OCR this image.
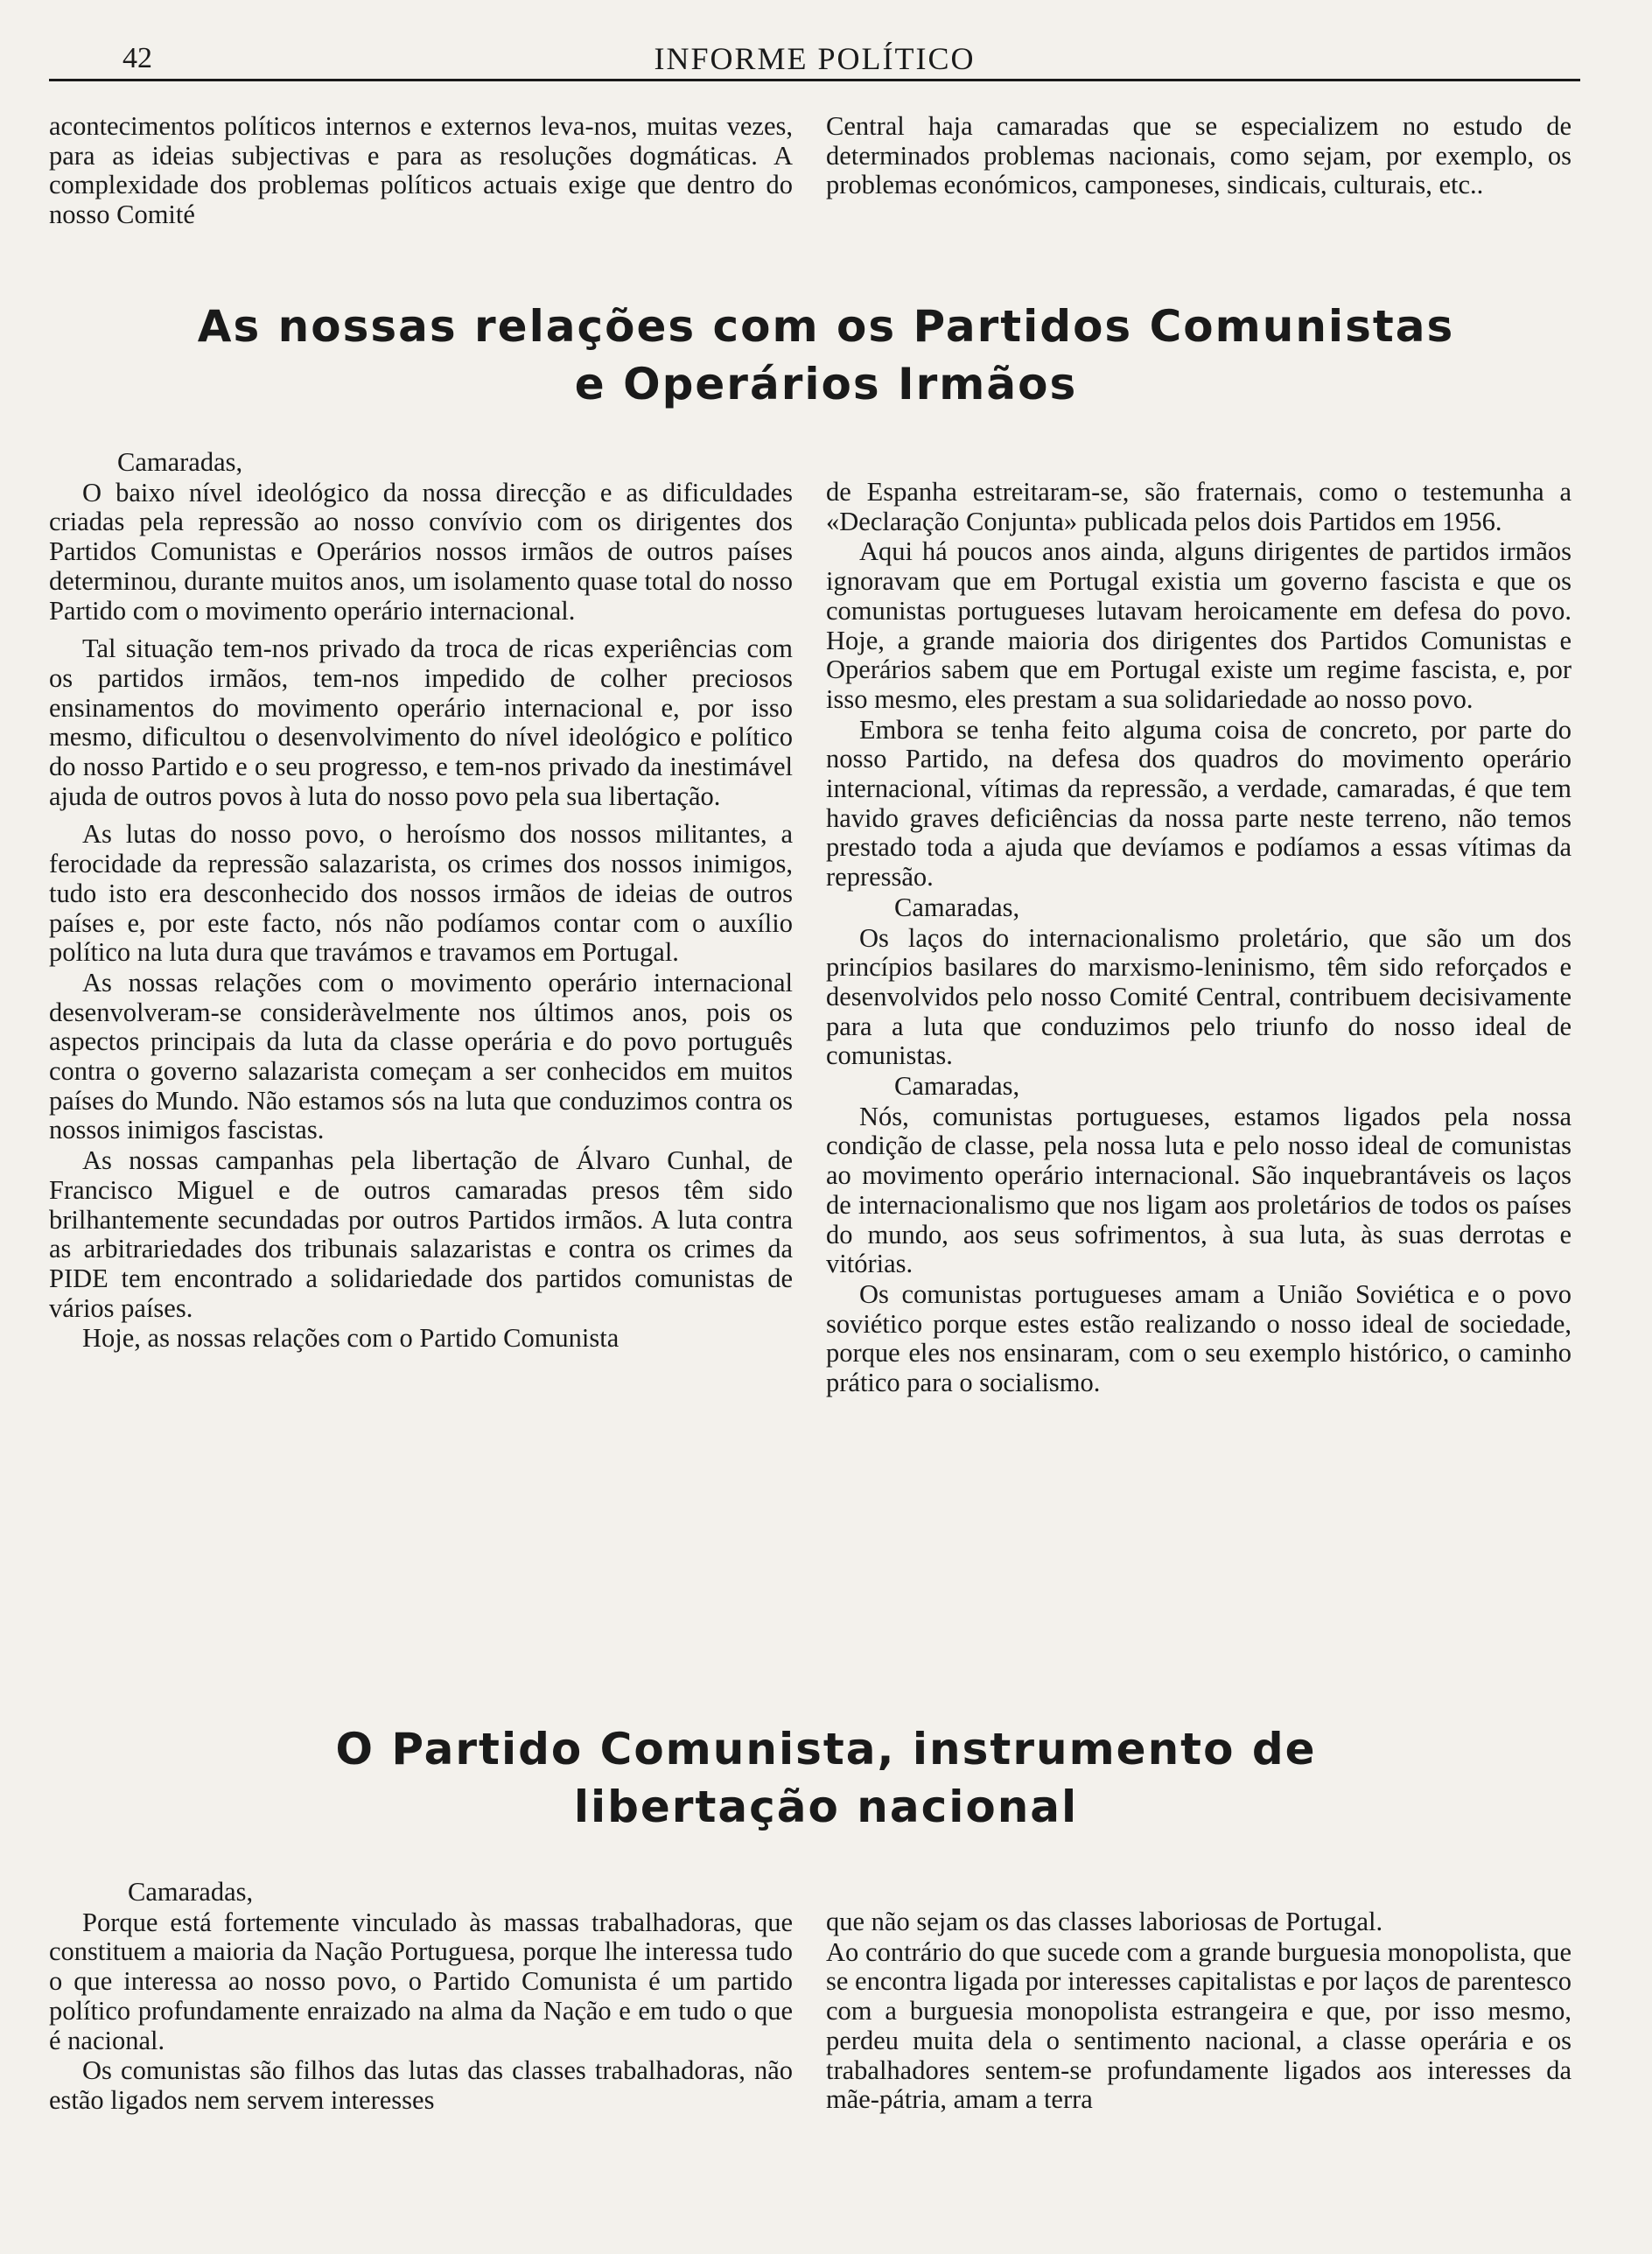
42	INFORME POLÍTICO

acontecimentos políticos internos e externos leva-nos, muitas vezes, para as ideias subjectivas e para as resoluções dogmáticas. A complexidade dos problemas políticos actuais exige que dentro do nosso Comité

Central haja camaradas que se especializem no estudo de determinados problemas nacionais, como sejam, por exemplo, os problemas económicos, camponeses, sindicais, culturais, etc..

As nossas relações com os Partidos Comunistas
e Operários Irmãos

Camaradas,

O baixo nível ideológico da nossa direcção e as dificuldades criadas pela repressão ao nosso convívio com os dirigentes dos Partidos Comunistas e Operários nossos irmãos de outros países determinou, durante muitos anos, um isolamento quase total do nosso Partido com o movimento operário internacional.

Tal situação tem-nos privado da troca de ricas experiências com os partidos irmãos, tem-nos impedido de colher preciosos ensinamentos do movimento operário internacional e, por isso mesmo, dificultou o desenvolvimento do nível ideológico e político do nosso Partido e o seu progresso, e tem-nos privado da inestimável ajuda de outros povos à luta do nosso povo pela sua libertação.

As lutas do nosso povo, o heroísmo dos nossos militantes, a ferocidade da repressão salazarista, os crimes dos nossos inimigos, tudo isto era desconhecido dos nossos irmãos de ideias de outros países e, por este facto, nós não podíamos contar com o auxílio político na luta dura que travámos e travamos em Portugal.

As nossas relações com o movimento operário internacional desenvolveram-se consideràvelmente nos últimos anos, pois os aspectos principais da luta da classe operária e do povo português contra o governo salazarista começam a ser conhecidos em muitos países do Mundo. Não estamos sós na luta que conduzimos contra os nossos inimigos fascistas.

As nossas campanhas pela libertação de Álvaro Cunhal, de Francisco Miguel e de outros camaradas presos têm sido brilhantemente secundadas por outros Partidos irmãos. A luta contra as arbitrariedades dos tribunais salazaristas e contra os crimes da PIDE tem encontrado a solidariedade dos partidos comunistas de vários países.

Hoje, as nossas relações com o Partido Comunista

de Espanha estreitaram-se, são fraternais, como o testemunha a «Declaração Conjunta» publicada pelos dois Partidos em 1956.

Aqui há poucos anos ainda, alguns dirigentes de partidos irmãos ignoravam que em Portugal existia um governo fascista e que os comunistas portugueses lutavam heroicamente em defesa do povo. Hoje, a grande maioria dos dirigentes dos Partidos Comunistas e Operários sabem que em Portugal existe um regime fascista, e, por isso mesmo, eles prestam a sua solidariedade ao nosso povo.

Embora se tenha feito alguma coisa de concreto, por parte do nosso Partido, na defesa dos quadros do movimento operário internacional, vítimas da repressão, a verdade, camaradas, é que tem havido graves deficiências da nossa parte neste terreno, não temos prestado toda a ajuda que devíamos e podíamos a essas vítimas da repressão.

Camaradas,

Os laços do internacionalismo proletário, que são um dos princípios basilares do marxismo-leninismo, têm sido reforçados e desenvolvidos pelo nosso Comité Central, contribuem decisivamente para a luta que conduzimos pelo triunfo do nosso ideal de comunistas.

Camaradas,

Nós, comunistas portugueses, estamos ligados pela nossa condição de classe, pela nossa luta e pelo nosso ideal de comunistas ao movimento operário internacional. São inquebrantáveis os laços de internacionalismo que nos ligam aos proletários de todos os países do mundo, aos seus sofrimentos, à sua luta, às suas derrotas e vitórias.

Os comunistas portugueses amam a União Soviética e o povo soviético porque estes estão realizando o nosso ideal de sociedade, porque eles nos ensinaram, com o seu exemplo histórico, o caminho prático para o socialismo.

O Partido Comunista, instrumento de
libertação nacional

Camaradas,

Porque está fortemente vinculado às massas trabalhadoras, que constituem a maioria da Nação Portuguesa, porque lhe interessa tudo o que interessa ao nosso povo, o Partido Comunista é um partido político profundamente enraizado na alma da Nação e em tudo o que é nacional.

Os comunistas são filhos das lutas das classes trabalhadoras, não estão ligados nem servem interesses

que não sejam os das classes laboriosas de Portugal.

Ao contrário do que sucede com a grande burguesia monopolista, que se encontra ligada por interesses capitalistas e por laços de parentesco com a burguesia monopolista estrangeira e que, por isso mesmo, perdeu muita dela o sentimento nacional, a classe operária e os trabalhadores sentem-se profundamente ligados aos interesses da mãe-pátria, amam a terra
